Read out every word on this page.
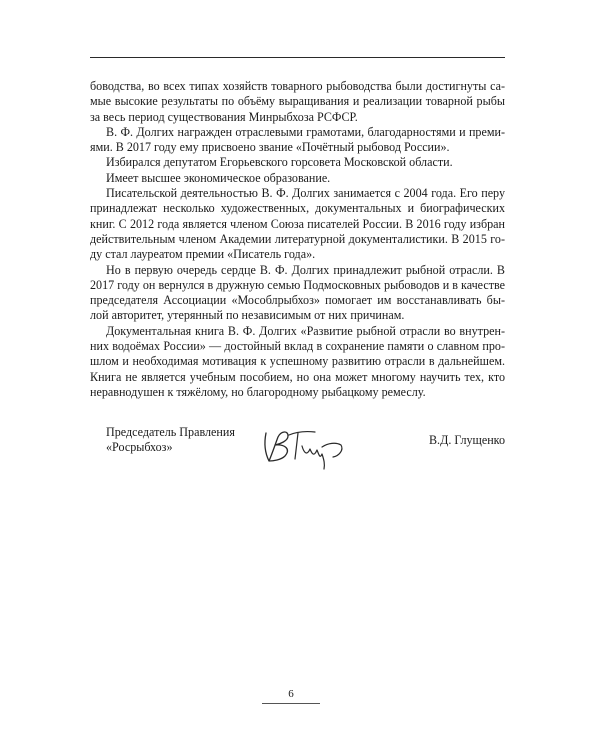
боводства, во всех типах хозяйств товарного рыбоводства были достигнуты самые высокие результаты по объёму выращивания и реализации товарной рыбы за весь период существования Минрыбхоза РСФСР.

В. Ф. Долгих награжден отраслевыми грамотами, благодарностями и премиями. В 2017 году ему присвоено звание «Почётный рыбовод России».

Избирался депутатом Егорьевского горсовета Московской области.

Имеет высшее экономическое образование.

Писательской деятельностью В. Ф. Долгих занимается с 2004 года. Его перу принадлежат несколько художественных, документальных и биографических книг. С 2012 года является членом Союза писателей России. В 2016 году избран действительным членом Академии литературной документалистики. В 2015 году стал лауреатом премии «Писатель года».

Но в первую очередь сердце В. Ф. Долгих принадлежит рыбной отрасли. В 2017 году он вернулся в дружную семью Подмосковных рыбоводов и в качестве председателя Ассоциации «Мособлрыбхоз» помогает им восстанавливать былой авторитет, утерянный по независимым от них причинам.

Документальная книга В. Ф. Долгих «Развитие рыбной отрасли во внутренних водоёмах России» — достойный вклад в сохранение памяти о славном прошлом и необходимая мотивация к успешному развитию отрасли в дальнейшем. Книга не является учебным пособием, но она может многому научить тех, кто неравнодушен к тяжёлому, но благородному рыбацкому ремеслу.

Председатель Правления
«Росрыбхоз»
В.Д. Глущенко
6
